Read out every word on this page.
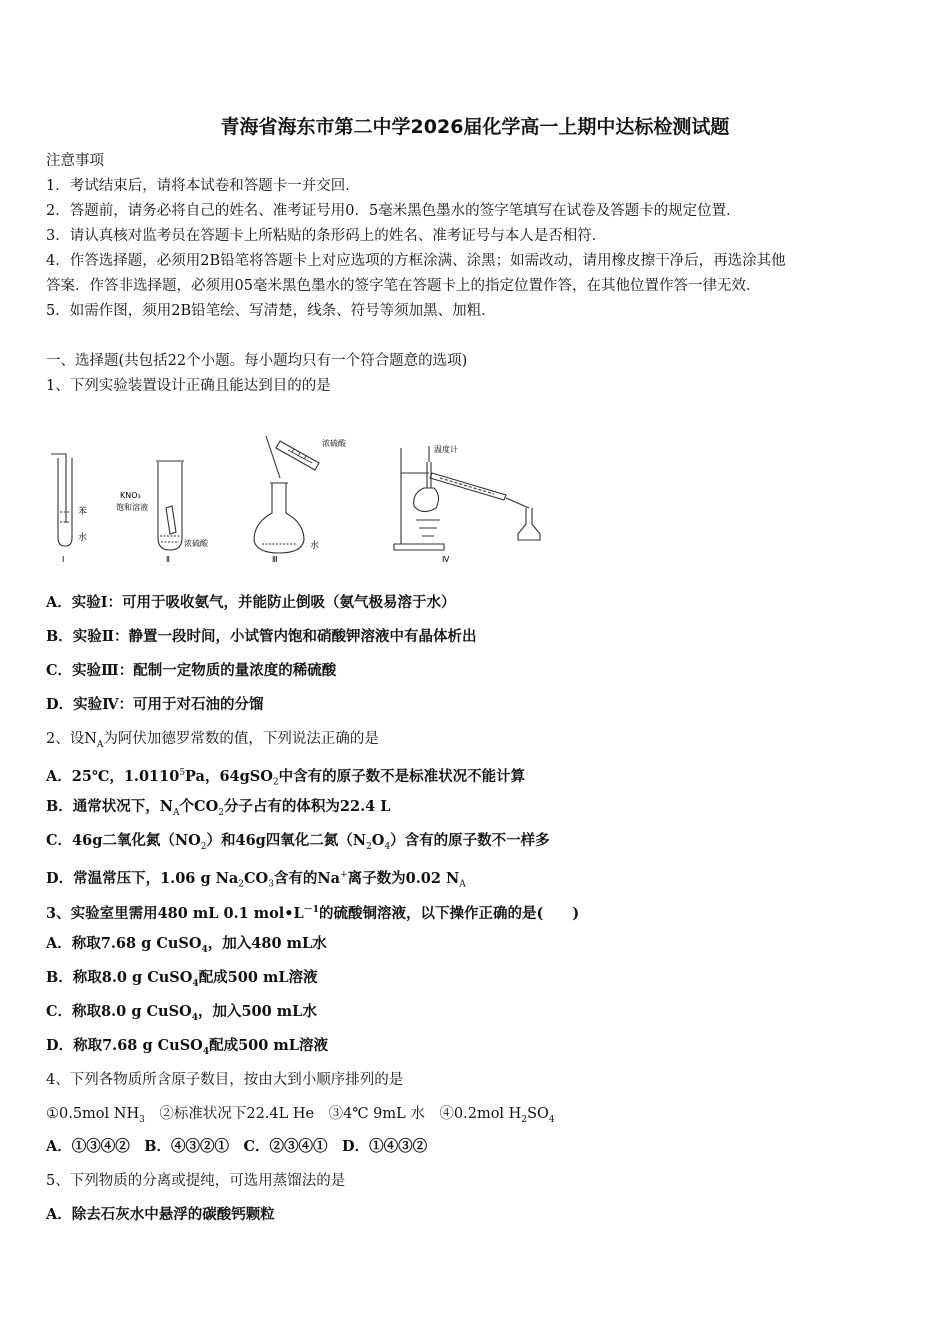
青海省海东市第二中学2026届化学高一上期中达标检测试题
注意事项
1．考试结束后，请将本试卷和答题卡一并交回．
2．答题前，请务必将自己的姓名、准考证号用0．5毫米黑色墨水的签字笔填写在试卷及答题卡的规定位置．
3．请认真核对监考员在答题卡上所粘贴的条形码上的姓名、准考证号与本人是否相符．
4．作答选择题，必须用2B铅笔将答题卡上对应选项的方框涂满、涂黑；如需改动，请用橡皮擦干净后，再选涂其他
答案．作答非选择题，必须用05毫米黑色墨水的签字笔在答题卡上的指定位置作答，在其他位置作答一律无效．
5．如需作图，须用2B铅笔绘、写清楚，线条、符号等须加黑、加粗．
一、选择题(共包括22个小题。每小题均只有一个符合题意的选项)
1、下列实验装置设计正确且能达到目的的是
苯
水
Ⅰ
KNO₃
饱和溶液
浓硫酸
Ⅱ
浓硫酸
水
Ⅲ
温度计
Ⅳ
A．实验Ⅰ：可用于吸收氨气，并能防止倒吸（氨气极易溶于水）
B．实验Ⅱ：静置一段时间，小试管内饱和硝酸钾溶液中有晶体析出
C．实验Ⅲ：配制一定物质的量浓度的稀硫酸
D．实验Ⅳ：可用于对石油的分馏
2、设$N_A$为阿伏加德罗常数的值，下列说法正确的是
A．25℃，1.0110$^5$Pa，64gSO$_2$中含有的原子数不是标准状况不能计算
B．通常状况下，$N_A$个$CO_2$分子占有的体积为22.4 L
C．46g二氧化氮$(NO_2)$和46g四氧化二氮$(N_2O_4)$含有的原子数不一样多
D．常温常压下，1.06 g $Na_2CO_3$含有的Na+离子数为0.02 $N_A$
3、实验室里需用480 mL 0.1 $mol•L^{-1}$的硫酸铜溶液，以下操作正确的是(　　)
A．称取7.68 g CuSO$_4$，加入480 mL水
B．称取8.0 g CuSO$_4$配成500 mL溶液
C．称取8.0 g CuSO$_4$，加入500 mL水
D．称取7.68 g CuSO$_4$配成500 mL溶液
4、下列各物质所含原子数目，按由大到小顺序排列的是
①0.5mol $NH_3$　 ②标准状况下22.4L He　 ③4℃ 9mL 水　 ④0.2mol $H_2SO_4$
A．①③④②　B．④③②①　C．②③④①　D．①④③②
5、下列物质的分离或提纯，可选用蒸馏法的是
A．除去石灰水中悬浮的碳酸钙颗粒
